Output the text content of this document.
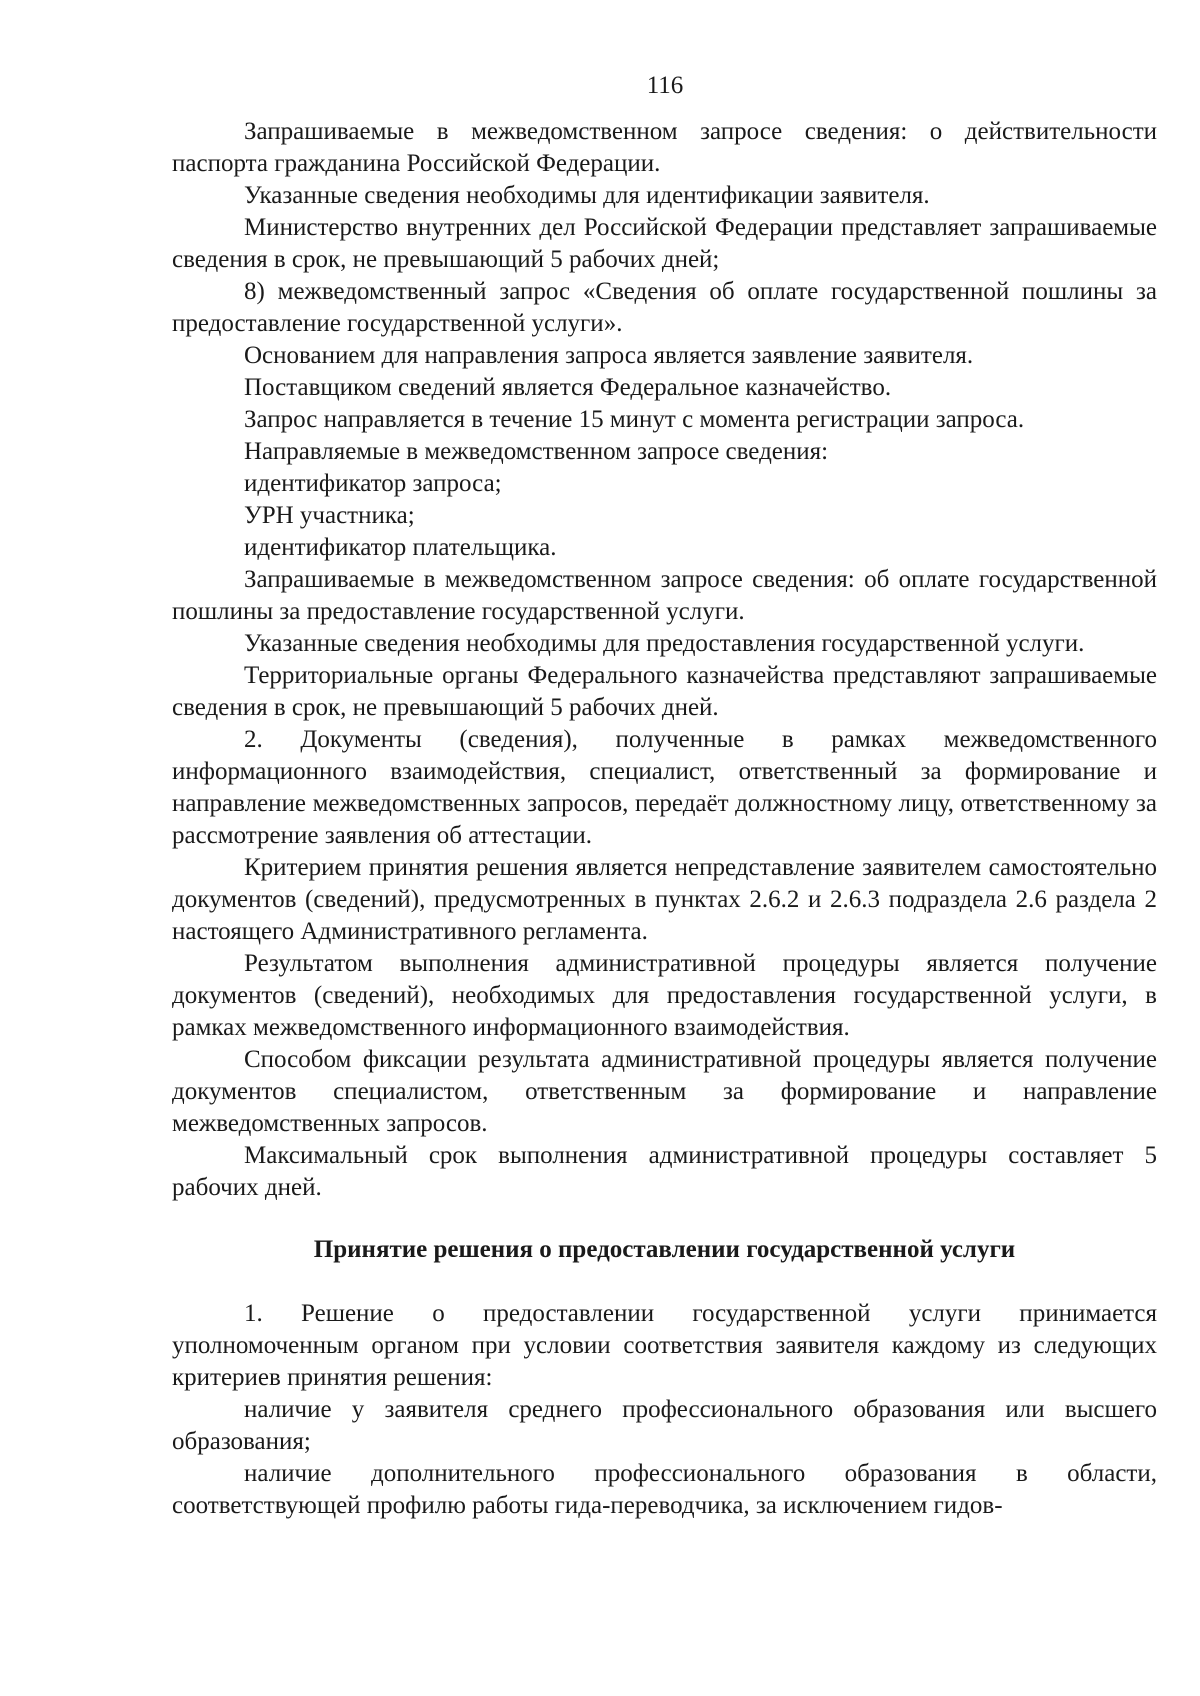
116

Запрашиваемые в межведомственном запросе сведения: о действительности паспорта гражданина Российской Федерации.

Указанные сведения необходимы для идентификации заявителя.

Министерство внутренних дел Российской Федерации представляет запрашиваемые сведения в срок, не превышающий 5 рабочих дней;

8) межведомственный запрос «Сведения об оплате государственной пошлины за предоставление государственной услуги».

Основанием для направления запроса является заявление заявителя.

Поставщиком сведений является Федеральное казначейство.

Запрос направляется в течение 15 минут с момента регистрации запроса.

Направляемые в межведомственном запросе сведения:

идентификатор запроса;

УРН участника;

идентификатор плательщика.

Запрашиваемые в межведомственном запросе сведения: об оплате государственной пошлины за предоставление государственной услуги.

Указанные сведения необходимы для предоставления государственной услуги.

Территориальные органы Федерального казначейства представляют запрашиваемые сведения в срок, не превышающий 5 рабочих дней.

2. Документы (сведения), полученные в рамках межведомственного информационного взаимодействия, специалист, ответственный за формирование и направление межведомственных запросов, передаёт должностному лицу, ответственному за рассмотрение заявления об аттестации.

Критерием принятия решения является непредставление заявителем самостоятельно документов (сведений), предусмотренных в пунктах 2.6.2 и 2.6.3 подраздела 2.6 раздела 2 настоящего Административного регламента.

Результатом выполнения административной процедуры является получение документов (сведений), необходимых для предоставления государственной услуги, в рамках межведомственного информационного взаимодействия.

Способом фиксации результата административной процедуры является получение документов специалистом, ответственным за формирование и направление межведомственных запросов.

Максимальный срок выполнения административной процедуры составляет 5 рабочих дней.

Принятие решения о предоставлении государственной услуги

1. Решение о предоставлении государственной услуги принимается уполномоченным органом при условии соответствия заявителя каждому из следующих критериев принятия решения:

наличие у заявителя среднего профессионального образования или высшего образования;

наличие дополнительного профессионального образования в области, соответствующей профилю работы гида-переводчика, за исключением гидов-
